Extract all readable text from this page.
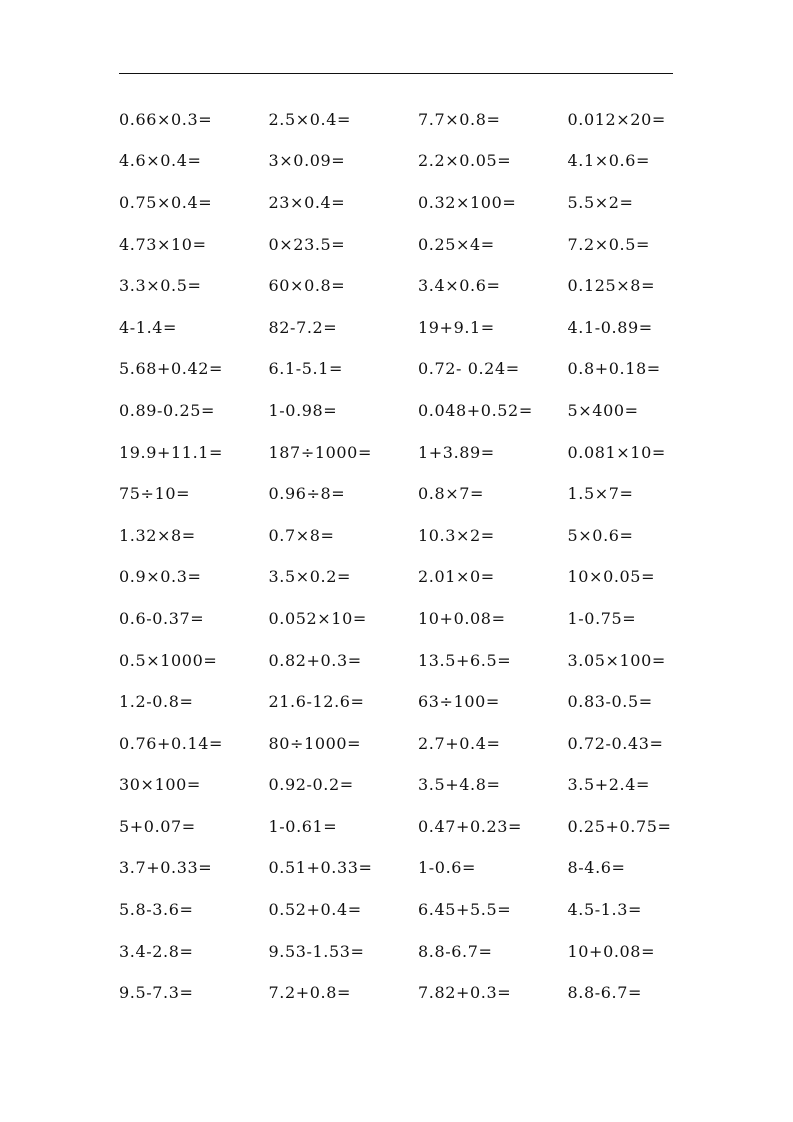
0.66×0.3=	2.5×0.4=	7.7×0.8=	0.012×20=
4.6×0.4=	3×0.09=	2.2×0.05=	4.1×0.6=
0.75×0.4=	23×0.4=	0.32×100=	5.5×2=
4.73×10=	0×23.5=	0.25×4=	7.2×0.5=
3.3×0.5=	60×0.8=	3.4×0.6=	0.125×8=
4-1.4=	82-7.2=	19+9.1=	4.1-0.89=
5.68+0.42=	6.1-5.1=	0.72- 0.24=	0.8+0.18=
0.89-0.25=	1-0.98=	0.048+0.52=	5×400=
19.9+11.1=	187÷1000=	1+3.89=	0.081×10=
75÷10=	0.96÷8=	0.8×7=	1.5×7=
1.32×8=	0.7×8=	10.3×2=	5×0.6=
0.9×0.3=	3.5×0.2=	2.01×0=	10×0.05=
0.6-0.37=	0.052×10=	10+0.08=	1-0.75=
0.5×1000=	0.82+0.3=	13.5+6.5=	3.05×100=
1.2-0.8=	21.6-12.6=	63÷100=	0.83-0.5=
0.76+0.14=	80÷1000=	2.7+0.4=	0.72-0.43=
30×100=	0.92-0.2=	3.5+4.8=	3.5+2.4=
5+0.07=	1-0.61=	0.47+0.23=	0.25+0.75=
3.7+0.33=	0.51+0.33=	1-0.6=	8-4.6=
5.8-3.6=	0.52+0.4=	6.45+5.5=	4.5-1.3=
3.4-2.8=	9.53-1.53=	8.8-6.7=	10+0.08=
9.5-7.3=	7.2+0.8=	7.82+0.3=	8.8-6.7=
